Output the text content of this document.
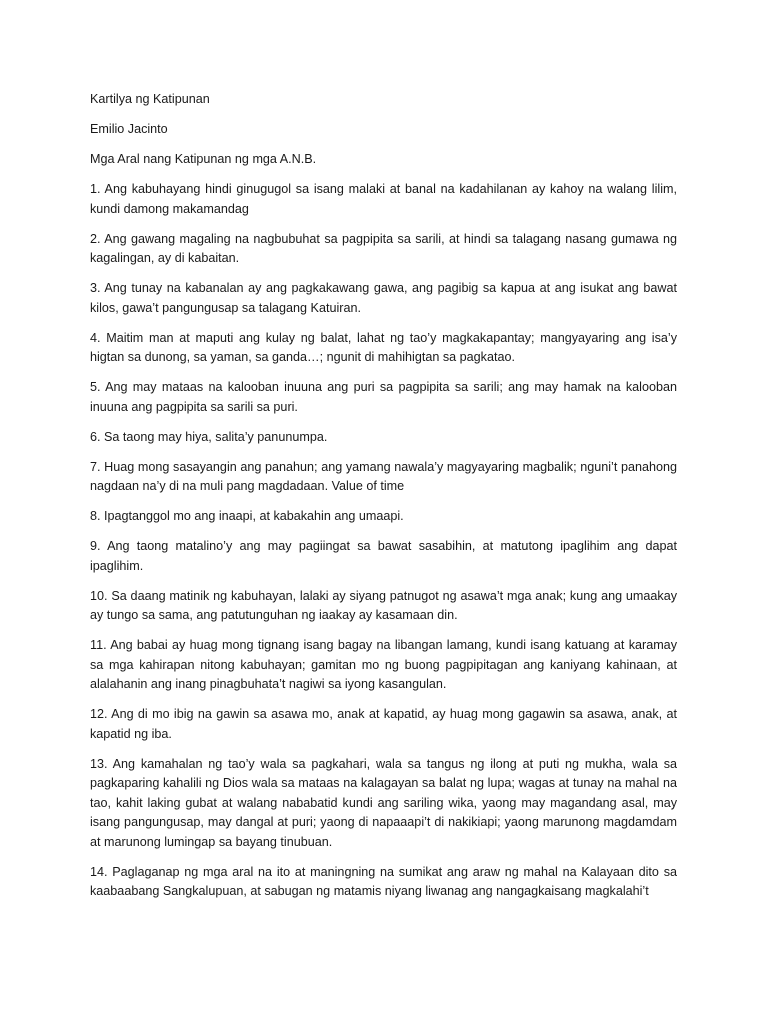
Kartilya ng Katipunan

Emilio Jacinto

Mga Aral nang Katipunan ng mga A.N.B.

1. Ang kabuhayang hindi ginugugol sa isang malaki at banal na kadahilanan ay kahoy na walang lilim, kundi damong makamandag

2. Ang gawang magaling na nagbubuhat sa pagpipita sa sarili, at hindi sa talagang nasang gumawa ng kagalingan, ay di kabaitan.

3. Ang tunay na kabanalan ay ang pagkakawang gawa, ang pagibig sa kapua at ang isukat ang bawat kilos, gawa’t pangungusap sa talagang Katuiran.

4. Maitim man at maputi ang kulay ng balat, lahat ng tao’y magkakapantay; mangyayaring ang isa’y higtan sa dunong, sa yaman, sa ganda…; ngunit di mahihigtan sa pagkatao.

5. Ang may mataas na kalooban inuuna ang puri sa pagpipita sa sarili; ang may hamak na kalooban inuuna ang pagpipita sa sarili sa puri.

6. Sa taong may hiya, salita’y panunumpa.

7. Huag mong sasayangin ang panahun; ang yamang nawala’y magyayaring magbalik; nguni’t panahong nagdaan na’y di na muli pang magdadaan. Value of time

8. Ipagtanggol mo ang inaapi, at kabakahin ang umaapi.

9. Ang taong matalino’y ang may pagiingat sa bawat sasabihin, at matutong ipaglihim ang dapat ipaglihim.

10. Sa daang matinik ng kabuhayan, lalaki ay siyang patnugot ng asawa’t mga anak; kung ang umaakay ay tungo sa sama, ang patutunguhan ng iaakay ay kasamaan din.

11. Ang babai ay huag mong tignang isang bagay na libangan lamang, kundi isang katuang at karamay sa mga kahirapan nitong kabuhayan; gamitan mo ng buong pagpipitagan ang kaniyang kahinaan, at alalahanin ang inang pinagbuhata’t nagiwi sa iyong kasangulan.

12. Ang di mo ibig na gawin sa asawa mo, anak at kapatid, ay huag mong gagawin sa asawa, anak, at kapatid ng iba.

13. Ang kamahalan ng tao’y wala sa pagkahari, wala sa tangus ng ilong at puti ng mukha, wala sa pagkaparing kahalili ng Dios wala sa mataas na kalagayan sa balat ng lupa; wagas at tunay na mahal na tao, kahit laking gubat at walang nababatid kundi ang sariling wika, yaong may magandang asal, may isang pangungusap, may dangal at puri; yaong di napaaapi’t di nakikiapi; yaong marunong magdamdam at marunong lumingap sa bayang tinubuan.

14. Paglaganap ng mga aral na ito at maningning na sumikat ang araw ng mahal na Kalayaan dito sa kaabaabang Sangkalupuan, at sabugan ng matamis niyang liwanag ang nangagkaisang magkalahi’t
